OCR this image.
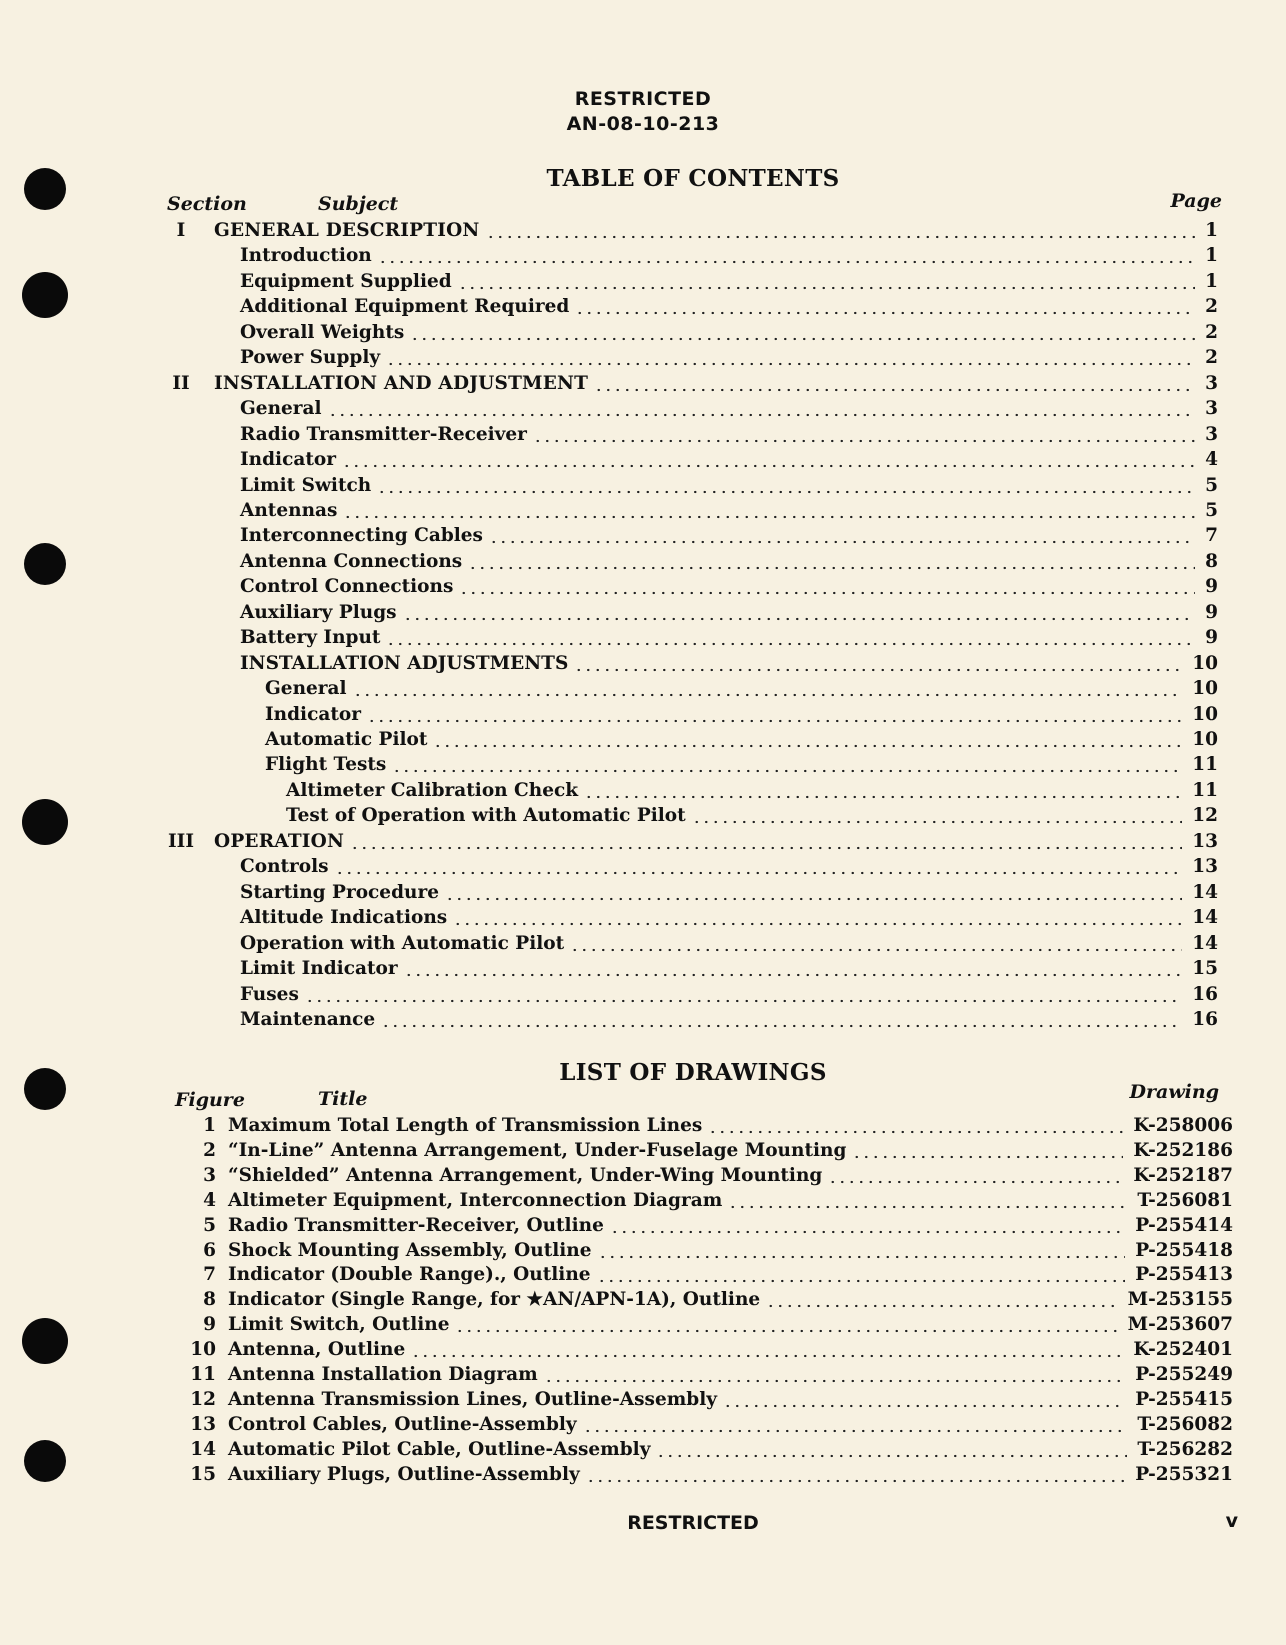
RESTRICTED
AN-08-10-213
TABLE OF CONTENTS
Section	Subject	Page
I	GENERAL DESCRIPTION	1
Introduction	1
Equipment Supplied	1
Additional Equipment Required	2
Overall Weights	2
Power Supply	2
II	INSTALLATION AND ADJUSTMENT	3
General	3
Radio Transmitter-Receiver	3
Indicator	4
Limit Switch	5
Antennas	5
Interconnecting Cables	7
Antenna Connections	8
Control Connections	9
Auxiliary Plugs	9
Battery Input	9
INSTALLATION ADJUSTMENTS	10
General	10
Indicator	10
Automatic Pilot	10
Flight Tests	11
Altimeter Calibration Check	11
Test of Operation with Automatic Pilot	12
III	OPERATION	13
Controls	13
Starting Procedure	14
Altitude Indications	14
Operation with Automatic Pilot	14
Limit Indicator	15
Fuses	16
Maintenance	16
LIST OF DRAWINGS
Figure	Title	Drawing
1 Maximum Total Length of Transmission Lines	K-258006
2 “In-Line” Antenna Arrangement, Under-Fuselage Mounting	K-252186
3 “Shielded” Antenna Arrangement, Under-Wing Mounting	K-252187
4 Altimeter Equipment, Interconnection Diagram	T-256081
5 Radio Transmitter-Receiver, Outline	P-255414
6 Shock Mounting Assembly, Outline	P-255418
7 Indicator (Double Range)., Outline	P-255413
8 Indicator (Single Range, for ★AN/APN-1A), Outline	M-253155
9 Limit Switch, Outline	M-253607
10 Antenna, Outline	K-252401
11 Antenna Installation Diagram	P-255249
12 Antenna Transmission Lines, Outline-Assembly	P-255415
13 Control Cables, Outline-Assembly	T-256082
14 Automatic Pilot Cable, Outline-Assembly	T-256282
15 Auxiliary Plugs, Outline-Assembly	P-255321
RESTRICTED	v
